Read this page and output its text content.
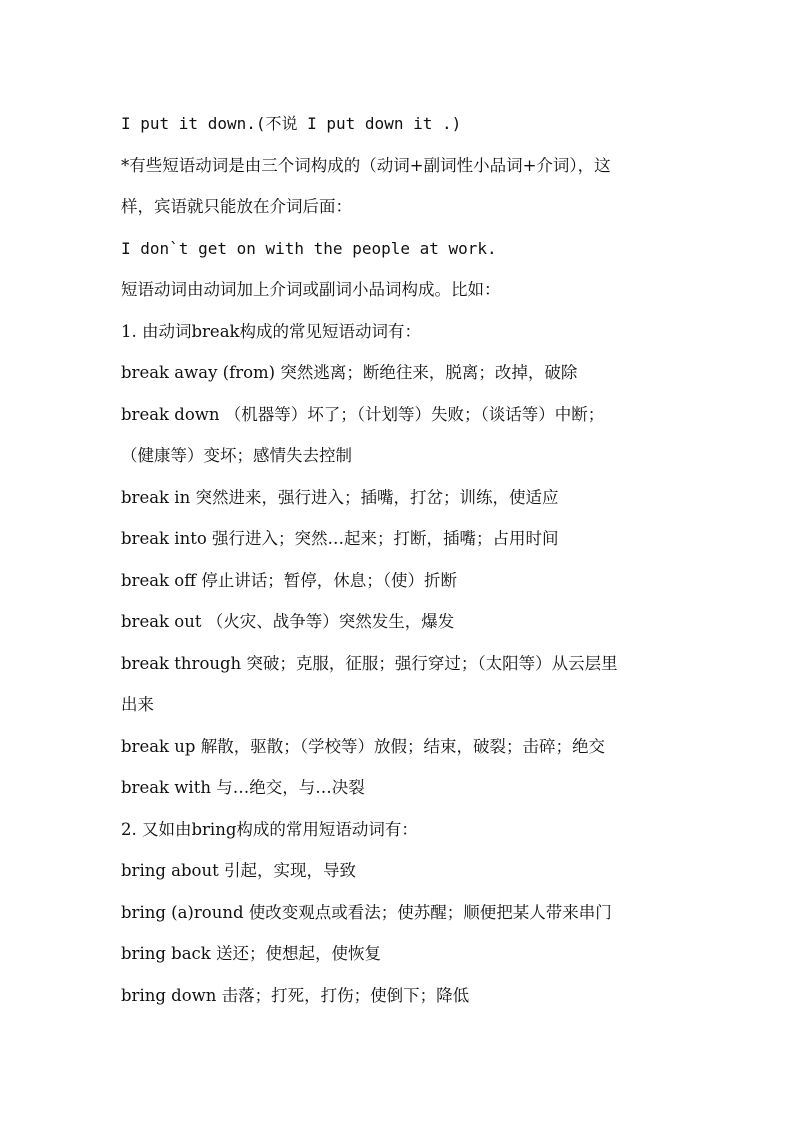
I put it down.(不说 I put down it .)
*有些短语动词是由三个词构成的（动词+副词性小品词+介词），这
样，宾语就只能放在介词后面：
I don`t get on with the people at work.
短语动词由动词加上介词或副词小品词构成。比如：
1. 由动词break构成的常见短语动词有：
break away (from) 突然逃离；断绝往来，脱离；改掉，破除
break down （机器等）坏了；（计划等）失败；（谈话等）中断；
（健康等）变坏；感情失去控制
break in 突然进来，强行进入；插嘴，打岔；训练，使适应
break into 强行进入；突然…起来；打断，插嘴；占用时间
break off 停止讲话；暂停，休息；（使）折断
break out （火灾、战争等）突然发生，爆发
break through 突破；克服，征服；强行穿过；（太阳等）从云层里
出来
break up 解散，驱散；（学校等）放假；结束，破裂；击碎；绝交
break with 与…绝交，与…决裂
2. 又如由bring构成的常用短语动词有：
bring about 引起，实现，导致
bring (a)round 使改变观点或看法；使苏醒；顺便把某人带来串门
bring back 送还；使想起，使恢复
bring down 击落；打死，打伤；使倒下；降低
